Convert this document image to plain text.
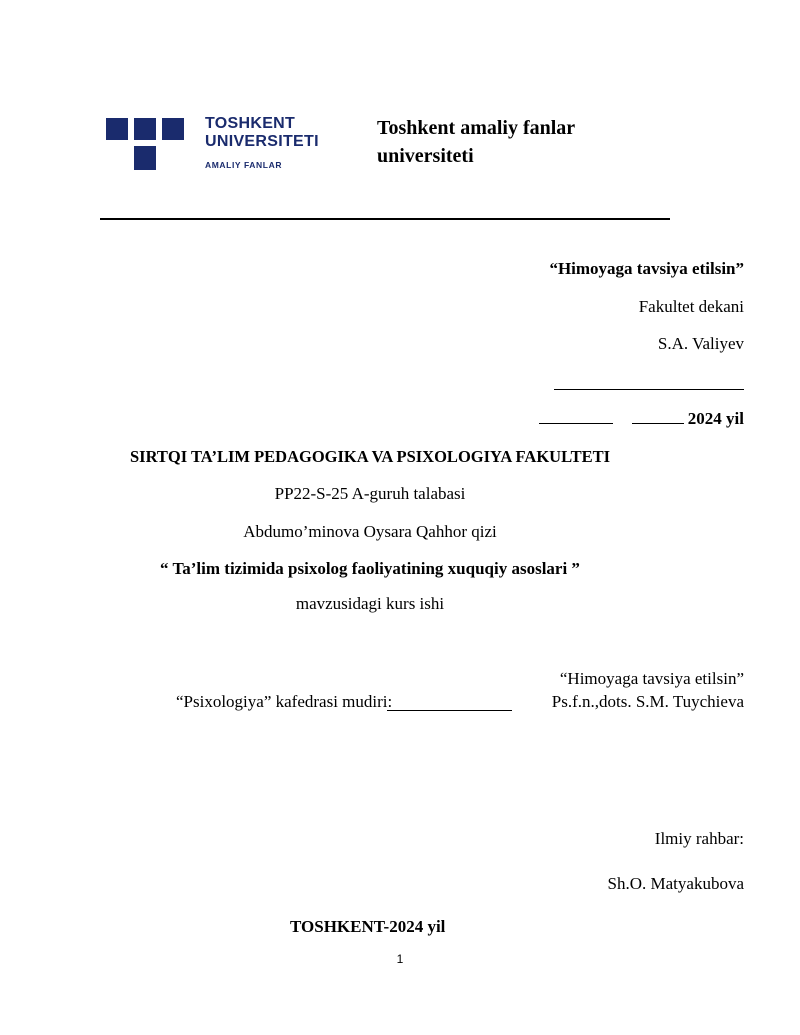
TOSHKENT
UNIVERSITETI
AMALIY FANLAR
Toshkent amaliy fanlar
universiteti
“Himoyaga tavsiya etilsin”
Fakultet dekani
S.A. Valiyev
2024 yil
SIRTQI TA’LIM PEDAGOGIKA VA PSIXOLOGIYA FAKULTETI
PP22-S-25 A-guruh talabasi
Abdumo’minova Oysara Qahhor qizi
“ Ta’lim tizimida psixolog faoliyatining xuquqiy asoslari ”
mavzusidagi kurs ishi
“Himoyaga tavsiya etilsin”
“Psixologiya” kafedrasi mudiri:	Ps.f.n.,dots. S.M. Tuychieva
Ilmiy rahbar:
Sh.O. Matyakubova
TOSHKENT-2024 yil
1
